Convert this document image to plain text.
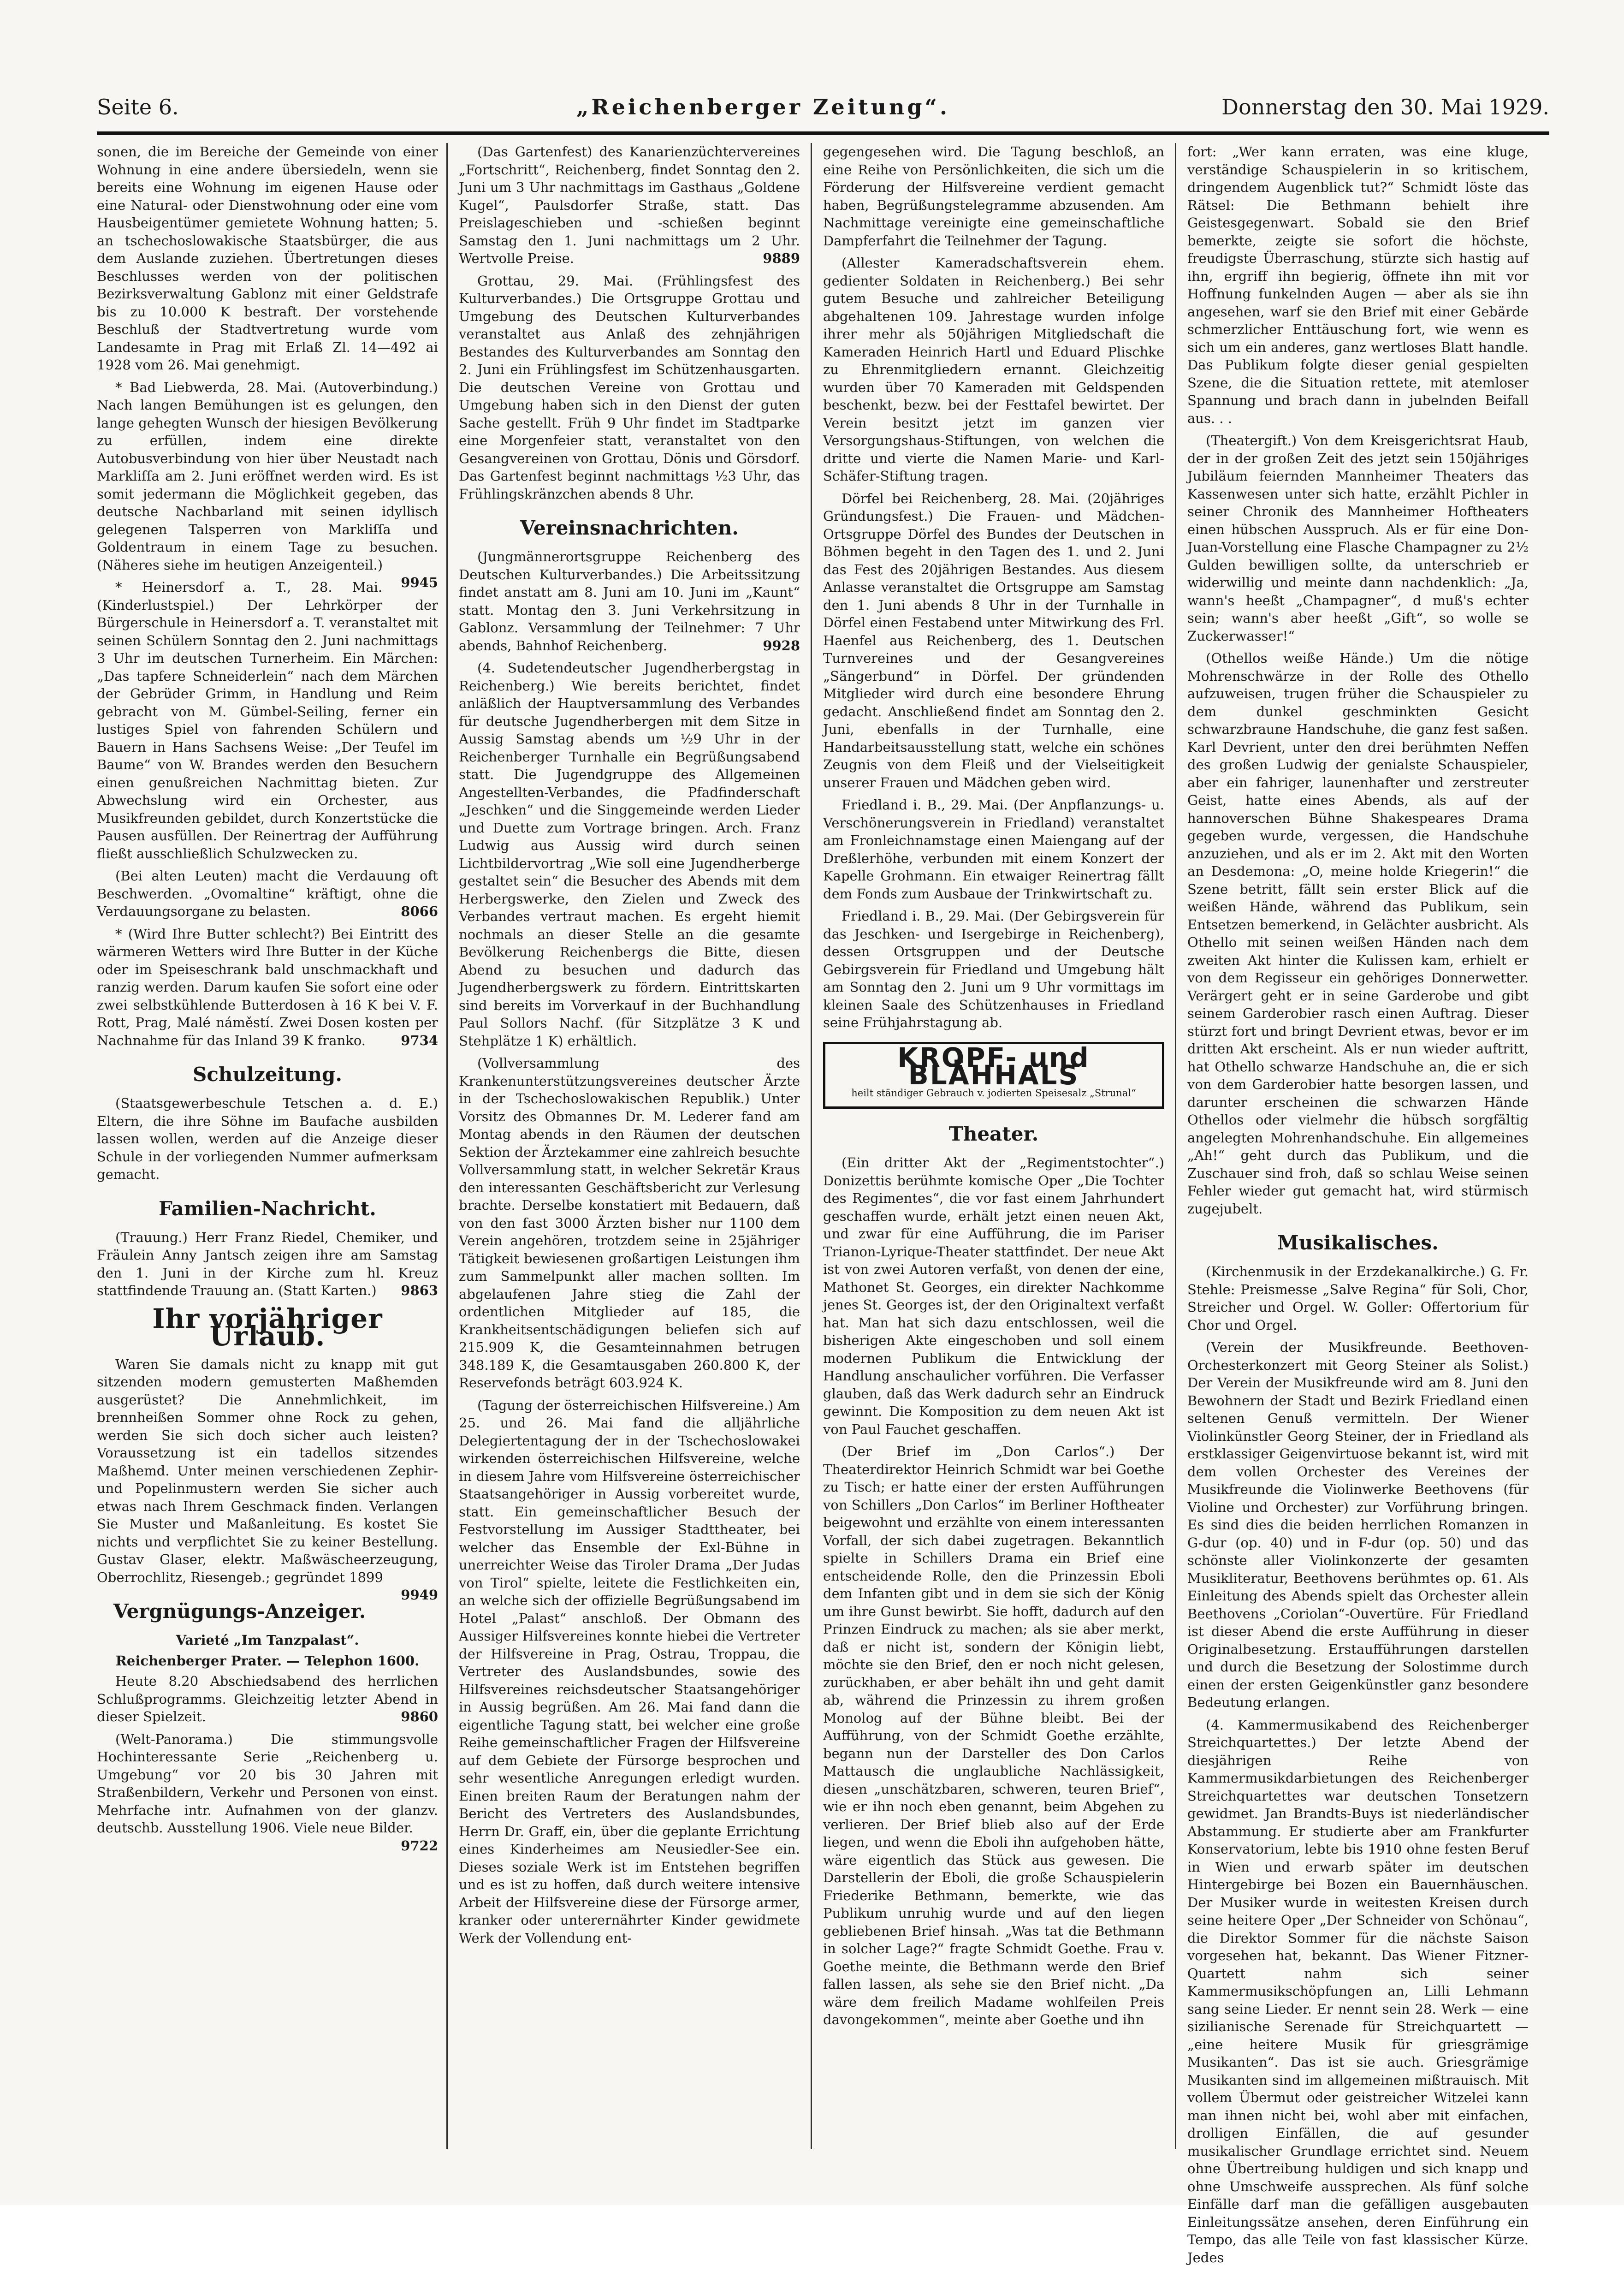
Seite 6.	„Reichenberger Zeitung“.	Donnerstag den 30. Mai 1929.

sonen, die im Bereiche der Gemeinde von einer Wohnung in eine andere übersiedeln, wenn sie bereits eine Wohnung im eigenen Hause oder eine Natural- oder Dienstwohnung oder eine vom Hausbeigentümer gemietete Wohnung hatten; 5. an tschechoslowakische Staatsbürger, die aus dem Auslande zuziehen. Übertretungen dieses Beschlusses werden von der politischen Bezirksverwaltung Gablonz mit einer Geldstrafe bis zu 10.000 K bestraft. Der vorstehende Beschluß der Stadtvertretung wurde vom Landesamte in Prag mit Erlaß Zl. 14—492 ai 1928 vom 26. Mai genehmigt.

* Bad Liebwerda, 28. Mai. (Autoverbindung.) Nach langen Bemühungen ist es gelungen, den lange gehegten Wunsch der hiesigen Bevölkerung zu erfüllen, indem eine direkte Autobusverbindung von hier über Neustadt nach Markliſſa am 2. Juni eröffnet werden wird. Es ist somit jedermann die Möglichkeit gegeben, das deutsche Nachbarland mit seinen idyllisch gelegenen Talsperren von Markliſſa und Goldentraum in einem Tage zu besuchen. (Näheres siehe im heutigen Anzeigenteil.)
9945

* Heinersdorf a. T., 28. Mai. (Kinderlustspiel.) Der Lehrkörper der Bürgerschule in Heinersdorf a. T. veranstaltet mit seinen Schülern Sonntag den 2. Juni nachmittags 3 Uhr im deutschen Turnerheim. Ein Märchen: „Das tapfere Schneiderlein“ nach dem Märchen der Gebrüder Grimm, in Handlung und Reim gebracht von M. Gümbel-Seiling, ferner ein lustiges Spiel von fahrenden Schülern und Bauern in Hans Sachsens Weise: „Der Teufel im Baume“ von W. Brandes werden den Besuchern einen genußreichen Nachmittag bieten. Zur Abwechslung wird ein Orchester, aus Musikfreunden gebildet, durch Konzertstücke die Pausen ausfüllen. Der Reinertrag der Aufführung fließt ausschließlich Schulzwecken zu.

(Bei alten Leuten) macht die Verdauung oft Beschwerden. „Ovomaltine“ kräftigt, ohne die Verdauungsorgane zu belasten.	8066

* (Wird Ihre Butter schlecht?) Bei Eintritt des wärmeren Wetters wird Ihre Butter in der Küche oder im Speiseschrank bald unschmackhaft und ranzig werden. Darum kaufen Sie sofort eine oder zwei selbstkühlende Butterdosen à 16 K bei V. F. Rott, Prag, Malé náměstí. Zwei Dosen kosten per Nachnahme für das Inland 39 K franko.	9734

Schulzeitung.

(Staatsgewerbeschule Tetschen a. d. E.) Eltern, die ihre Söhne im Baufache ausbilden lassen wollen, werden auf die Anzeige dieser Schule in der vorliegenden Nummer aufmerksam gemacht.

Familien-Nachricht.

(Trauung.) Herr Franz Riedel, Chemiker, und Fräulein Anny Jantsch zeigen ihre am Samstag den 1. Juni in der Kirche zum hl. Kreuz stattfindende Trauung an. (Statt Karten.)	9863

Ihr vorjähriger Urlaub.

Waren Sie damals nicht zu knapp mit gut sitzenden modern gemusterten Maßhemden ausgerüstet? Die Annehmlichkeit, im brennheißen Sommer ohne Rock zu gehen, werden Sie sich doch sicher auch leisten? Voraussetzung ist ein tadellos sitzendes Maßhemd. Unter meinen verschiedenen Zephir- und Popelinmustern werden Sie sicher auch etwas nach Ihrem Geschmack finden. Verlangen Sie Muster und Maßanleitung. Es kostet Sie nichts und verpflichtet Sie zu keiner Bestellung. Gustav Glaser, elektr. Maßwäscheerzeugung, Oberrochlitz, Riesengeb.; gegründet 1899
9949

Vergnügungs-Anzeiger.
Varieté „Im Tanzpalast“.
Reichenberger Prater. — Telephon 1600.

Heute 8.20 Abschiedsabend des herrlichen Schlußprogramms. Gleichzeitig letzter Abend in dieser Spielzeit.	9860

(Welt-Panorama.) Die stimmungsvolle Hochinteressante Serie „Reichenberg u. Umgebung“ vor 20 bis 30 Jahren mit Straßenbildern, Verkehr und Personen von einst. Mehrfache intr. Aufnahmen von der glanzv. deutschb. Ausstellung 1906. Viele neue Bilder.
9722

(Das Gartenfest) des Kanarienzüchtervereines „Fortschritt“, Reichenberg, findet Sonntag den 2. Juni um 3 Uhr nachmittags im Gasthaus „Goldene Kugel“, Paulsdorfer Straße, statt. Das Preislageschieben und -schießen beginnt Samstag den 1. Juni nachmittags um 2 Uhr. Wertvolle Preise.	9889

Grottau, 29. Mai. (Frühlingsfest des Kulturverbandes.) Die Ortsgruppe Grottau und Umgebung des Deutschen Kulturverbandes veranstaltet aus Anlaß des zehnjährigen Bestandes des Kulturverbandes am Sonntag den 2. Juni ein Frühlingsfest im Schützenhausgarten. Die deutschen Vereine von Grottau und Umgebung haben sich in den Dienst der guten Sache gestellt. Früh 9 Uhr findet im Stadtparke eine Morgenfeier statt, veranstaltet von den Gesangvereinen von Grottau, Dönis und Görsdorf. Das Gartenfest beginnt nachmittags ½3 Uhr, das Frühlingskränzchen abends 8 Uhr.

Vereinsnachrichten.

(Jungmännerortsgruppe Reichenberg des Deutschen Kulturverbandes.) Die Arbeitssitzung findet anstatt am 8. Juni am 10. Juni im „Kaunt“ statt. Montag den 3. Juni Verkehrsitzung in Gablonz. Versammlung der Teilnehmer: 7 Uhr abends, Bahnhof Reichenberg.	9928

(4. Sudetendeutscher Jugendherbergstag in Reichenberg.) Wie bereits berichtet, findet anläßlich der Hauptversammlung des Verbandes für deutsche Jugendherbergen mit dem Sitze in Aussig Samstag abends um ½9 Uhr in der Reichenberger Turnhalle ein Begrüßungsabend statt. Die Jugendgruppe des Allgemeinen Angestellten-Verbandes, die Pfadfinderschaft „Jeschken“ und die Singgemeinde werden Lieder und Duette zum Vortrage bringen. Arch. Franz Ludwig aus Aussig wird durch seinen Lichtbildervortrag „Wie soll eine Jugendherberge gestaltet sein“ die Besucher des Abends mit dem Herbergswerke, den Zielen und Zweck des Verbandes vertraut machen. Es ergeht hiemit nochmals an dieser Stelle an die gesamte Bevölkerung Reichenbergs die Bitte, diesen Abend zu besuchen und dadurch das Jugendherbergswerk zu fördern. Eintrittskarten sind bereits im Vorverkauf in der Buchhandlung Paul Sollors Nachf. (für Sitzplätze 3 K und Stehplätze 1 K) erhältlich.

(Vollversammlung des Krankenunterstützungsvereines deutscher Ärzte in der Tschechoslowakischen Republik.) Unter Vorsitz des Obmannes Dr. M. Lederer fand am Montag abends in den Räumen der deutschen Sektion der Ärztekammer eine zahlreich besuchte Vollversammlung statt, in welcher Sekretär Kraus den interessanten Geschäftsbericht zur Verlesung brachte. Derselbe konstatiert mit Bedauern, daß von den fast 3000 Ärzten bisher nur 1100 dem Verein angehören, trotzdem seine in 25jähriger Tätigkeit bewiesenen großartigen Leistungen ihm zum Sammelpunkt aller machen sollten. Im abgelaufenen Jahre stieg die Zahl der ordentlichen Mitglieder auf 185, die Krankheitsentschädigungen beliefen sich auf 215.909 K, die Gesamteinnahmen betrugen 348.189 K, die Gesamtausgaben 260.800 K, der Reservefonds beträgt 603.924 K.

(Tagung der österreichischen Hilfsvereine.) Am 25. und 26. Mai fand die alljährliche Delegiertentagung der in der Tschechoslowakei wirkenden österreichischen Hilfsvereine, welche in diesem Jahre vom Hilfsvereine österreichischer Staatsangehöriger in Aussig vorbereitet wurde, statt. Ein gemeinschaftlicher Besuch der Festvorstellung im Aussiger Stadttheater, bei welcher das Ensemble der Exl-Bühne in unerreichter Weise das Tiroler Drama „Der Judas von Tirol“ spielte, leitete die Festlichkeiten ein, an welche sich der offizielle Begrüßungsabend im Hotel „Palast“ anschloß. Der Obmann des Aussiger Hilfsvereines konnte hiebei die Vertreter der Hilfsvereine in Prag, Ostrau, Troppau, die Vertreter des Auslandsbundes, sowie des Hilfsvereines reichsdeutscher Staatsangehöriger in Aussig begrüßen. Am 26. Mai fand dann die eigentliche Tagung statt, bei welcher eine große Reihe gemeinschaftlicher Fragen der Hilfsvereine auf dem Gebiete der Fürsorge besprochen und sehr wesentliche Anregungen erledigt wurden. Einen breiten Raum der Beratungen nahm der Bericht des Vertreters des Auslandsbundes, Herrn Dr. Graff, ein, über die geplante Errichtung eines Kinderheimes am Neusiedler-See ein. Dieses soziale Werk ist im Entstehen begriffen und es ist zu hoffen, daß durch weitere intensive Arbeit der Hilfsvereine diese der Fürsorge armer, kranker oder unterernährter Kinder gewidmete Werk der Vollendung ent-

gegengesehen wird. Die Tagung beschloß, an eine Reihe von Persönlichkeiten, die sich um die Förderung der Hilfsvereine verdient gemacht haben, Begrüßungstelegramme abzusenden. Am Nachmittage vereinigte eine gemeinschaftliche Dampferfahrt die Teilnehmer der Tagung.

(Allester Kameradschaftsverein ehem. gedienter Soldaten in Reichenberg.) Bei sehr gutem Besuche und zahlreicher Beteiligung abgehaltenen 109. Jahrestage wurden infolge ihrer mehr als 50jährigen Mitgliedschaft die Kameraden Heinrich Hartl und Eduard Plischke zu Ehrenmitgliedern ernannt. Gleichzeitig wurden über 70 Kameraden mit Geldspenden beschenkt, bezw. bei der Festtafel bewirtet. Der Verein besitzt jetzt im ganzen vier Versorgungshaus-Stiftungen, von welchen die dritte und vierte die Namen Marie- und Karl-Schäfer-Stiftung tragen.

Dörfel bei Reichenberg, 28. Mai. (20jähriges Gründungsfest.) Die Frauen- und Mädchen-Ortsgruppe Dörfel des Bundes der Deutschen in Böhmen begeht in den Tagen des 1. und 2. Juni das Fest des 20jährigen Bestandes. Aus diesem Anlasse veranstaltet die Ortsgruppe am Samstag den 1. Juni abends 8 Uhr in der Turnhalle in Dörfel einen Festabend unter Mitwirkung des Frl. Haenfel aus Reichenberg, des 1. Deutschen Turnvereines und der Gesangvereines „Sängerbund“ in Dörfel. Der gründenden Mitglieder wird durch eine besondere Ehrung gedacht. Anschließend findet am Sonntag den 2. Juni, ebenfalls in der Turnhalle, eine Handarbeitsausstellung statt, welche ein schönes Zeugnis von dem Fleiß und der Vielseitigkeit unserer Frauen und Mädchen geben wird.

Friedland i. B., 29. Mai. (Der Anpflanzungs- u. Verschönerungsverein in Friedland) veranstaltet am Fronleichnamstage einen Maiengang auf der Dreßlerhöhe, verbunden mit einem Konzert der Kapelle Grohmann. Ein etwaiger Reinertrag fällt dem Fonds zum Ausbaue der Trinkwirtschaft zu.

Friedland i. B., 29. Mai. (Der Gebirgsverein für das Jeschken- und Isergebirge in Reichenberg), dessen Ortsgruppen und der Deutsche Gebirgsverein für Friedland und Umgebung hält am Sonntag den 2. Juni um 9 Uhr vormittags im kleinen Saale des Schützenhauses in Friedland seine Frühjahrstagung ab.

KROPF- und BLÄHHALS
heilt ständiger Gebrauch v. jodierten Speisesalz „Strunal“
Theater.

(Ein dritter Akt der „Regimentstochter“.) Donizettis berühmte komische Oper „Die Tochter des Regimentes“, die vor fast einem Jahrhundert geschaffen wurde, erhält jetzt einen neuen Akt, und zwar für eine Aufführung, die im Pariser Trianon-Lyrique-Theater stattfindet. Der neue Akt ist von zwei Autoren verfaßt, von denen der eine, Mathonet St. Georges, ein direkter Nachkomme jenes St. Georges ist, der den Originaltext verfaßt hat. Man hat sich dazu entschlossen, weil die bisherigen Akte eingeschoben und soll einem modernen Publikum die Entwicklung der Handlung anschaulicher vorführen. Die Verfasser glauben, daß das Werk dadurch sehr an Eindruck gewinnt. Die Komposition zu dem neuen Akt ist von Paul Fauchet geschaffen.

(Der Brief im „Don Carlos“.) Der Theaterdirektor Heinrich Schmidt war bei Goethe zu Tisch; er hatte einer der ersten Aufführungen von Schillers „Don Carlos“ im Berliner Hoftheater beigewohnt und erzählte von einem interessanten Vorfall, der sich dabei zugetragen. Bekanntlich spielte in Schillers Drama ein Brief eine entscheidende Rolle, den die Prinzessin Eboli dem Infanten gibt und in dem sie sich der König um ihre Gunst bewirbt. Sie hofft, dadurch auf den Prinzen Eindruck zu machen; als sie aber merkt, daß er nicht ist, sondern der Königin liebt, möchte sie den Brief, den er noch nicht gelesen, zurückhaben, er aber behält ihn und geht damit ab, während die Prinzessin zu ihrem großen Monolog auf der Bühne bleibt. Bei der Aufführung, von der Schmidt Goethe erzählte, begann nun der Darsteller des Don Carlos Mattausch die unglaubliche Nachlässigkeit, diesen „unschätzbaren, schweren, teuren Brief“, wie er ihn noch eben genannt, beim Abgehen zu verlieren. Der Brief blieb also auf der Erde liegen, und wenn die Eboli ihn aufgehoben hätte, wäre eigentlich das Stück aus gewesen. Die Darstellerin der Eboli, die große Schauspielerin Friederike Bethmann, bemerkte, wie das Publikum unruhig wurde und auf den liegen gebliebenen Brief hinsah. „Was tat die Bethmann in solcher Lage?“ fragte Schmidt Goethe. Frau v. Goethe meinte, die Bethmann werde den Brief fallen lassen, als sehe sie den Brief nicht. „Da wäre dem freilich Madame wohlfeilen Preis davongekommen“, meinte aber Goethe und ihn

fort: „Wer kann erraten, was eine kluge, verständige Schauspielerin in so kritischem, dringendem Augenblick tut?“ Schmidt löste das Rätsel: Die Bethmann behielt ihre Geistesgegenwart. Sobald sie den Brief bemerkte, zeigte sie sofort die höchste, freudigste Überraschung, stürzte sich hastig auf ihn, ergriff ihn begierig, öffnete ihn mit vor Hoffnung funkelnden Augen — aber als sie ihn angesehen, warf sie den Brief mit einer Gebärde schmerzlicher Enttäuschung fort, wie wenn es sich um ein anderes, ganz wertloses Blatt handle. Das Publikum folgte dieser genial gespielten Szene, die die Situation rettete, mit atemloser Spannung und brach dann in jubelnden Beifall aus. . .

(Theatergift.) Von dem Kreisgerichtsrat Haub, der in der großen Zeit des jetzt sein 150jähriges Jubiläum feiernden Mannheimer Theaters das Kassenwesen unter sich hatte, erzählt Pichler in seiner Chronik des Mannheimer Hoftheaters einen hübschen Ausspruch. Als er für eine Don-Juan-Vorstellung eine Flasche Champagner zu 2½ Gulden bewilligen sollte, da unterschrieb er widerwillig und meinte dann nachdenklich: „Ja, wann's heeßt „Champagner“, d muß's echter sein; wann's aber heeßt „Gift“, so wolle se Zuckerwasser!“

(Othellos weiße Hände.) Um die nötige Mohrenschwärze in der Rolle des Othello aufzuweisen, trugen früher die Schauspieler zu dem dunkel geschminkten Gesicht schwarzbraune Handschuhe, die ganz fest saßen. Karl Devrient, unter den drei berühmten Neffen des großen Ludwig der genialste Schauspieler, aber ein fahriger, launenhafter und zerstreuter Geist, hatte eines Abends, als auf der hannoverschen Bühne Shakespeares Drama gegeben wurde, vergessen, die Handschuhe anzuziehen, und als er im 2. Akt mit den Worten an Desdemona: „O, meine holde Kriegerin!“ die Szene betritt, fällt sein erster Blick auf die weißen Hände, während das Publikum, sein Entsetzen bemerkend, in Gelächter ausbricht. Als Othello mit seinen weißen Händen nach dem zweiten Akt hinter die Kulissen kam, erhielt er von dem Regisseur ein gehöriges Donnerwetter. Verärgert geht er in seine Garderobe und gibt seinem Garderobier rasch einen Auftrag. Dieser stürzt fort und bringt Devrient etwas, bevor er im dritten Akt erscheint. Als er nun wieder auftritt, hat Othello schwarze Handschuhe an, die er sich von dem Garderobier hatte besorgen lassen, und darunter erscheinen die schwarzen Hände Othellos oder vielmehr die hübsch sorgfältig angelegten Mohrenhandschuhe. Ein allgemeines „Ah!“ geht durch das Publikum, und die Zuschauer sind froh, daß so schlau Weise seinen Fehler wieder gut gemacht hat, wird stürmisch zugejubelt.

Musikalisches.

(Kirchenmusik in der Erzdekanalkirche.) G. Fr. Stehle: Preismesse „Salve Regina“ für Soli, Chor, Streicher und Orgel. W. Goller: Offertorium für Chor und Orgel.

(Verein der Musikfreunde. Beethoven-Orchesterkonzert mit Georg Steiner als Solist.) Der Verein der Musikfreunde wird am 8. Juni den Bewohnern der Stadt und Bezirk Friedland einen seltenen Genuß vermitteln. Der Wiener Violinkünstler Georg Steiner, der in Friedland als erstklassiger Geigenvirtuose bekannt ist, wird mit dem vollen Orchester des Vereines der Musikfreunde die Violinwerke Beethovens (für Violine und Orchester) zur Vorführung bringen. Es sind dies die beiden herrlichen Romanzen in G-dur (op. 40) und in F-dur (op. 50) und das schönste aller Violinkonzerte der gesamten Musikliteratur, Beethovens berühmtes op. 61. Als Einleitung des Abends spielt das Orchester allein Beethovens „Coriolan“-Ouvertüre. Für Friedland ist dieser Abend die erste Aufführung in dieser Originalbesetzung. Erstaufführungen darstellen und durch die Besetzung der Solostimme durch einen der ersten Geigenkünstler ganz besondere Bedeutung erlangen.

(4. Kammermusikabend des Reichenberger Streichquartettes.) Der letzte Abend der diesjährigen Reihe von Kammermusikdarbietungen des Reichenberger Streichquartettes war deutschen Tonsetzern gewidmet. Jan Brandts-Buys ist niederländischer Abstammung. Er studierte aber am Frankfurter Konservatorium, lebte bis 1910 ohne festen Beruf in Wien und erwarb später im deutschen Hintergebirge bei Bozen ein Bauernhäuschen. Der Musiker wurde in weitesten Kreisen durch seine heitere Oper „Der Schneider von Schönau“, die Direktor Sommer für die nächste Saison vorgesehen hat, bekannt. Das Wiener Fitzner-Quartett nahm sich seiner Kammermusikschöpfungen an, Lilli Lehmann sang seine Lieder. Er nennt sein 28. Werk — eine sizilianische Serenade für Streichquartett — „eine heitere Musik für griesgrämige Musikanten“. Das ist sie auch. Griesgrämige Musikanten sind im allgemeinen mißtrauisch. Mit vollem Übermut oder geistreicher Witzelei kann man ihnen nicht bei, wohl aber mit einfachen, drolligen Einfällen, die auf gesunder musikalischer Grundlage errichtet sind. Neuem ohne Übertreibung huldigen und sich knapp und ohne Umschweife aussprechen. Als fünf solche Einfälle darf man die gefälligen ausgebauten Einleitungssätze ansehen, deren Einführung ein Tempo, das alle Teile von fast klassischer Kürze. Jedes
